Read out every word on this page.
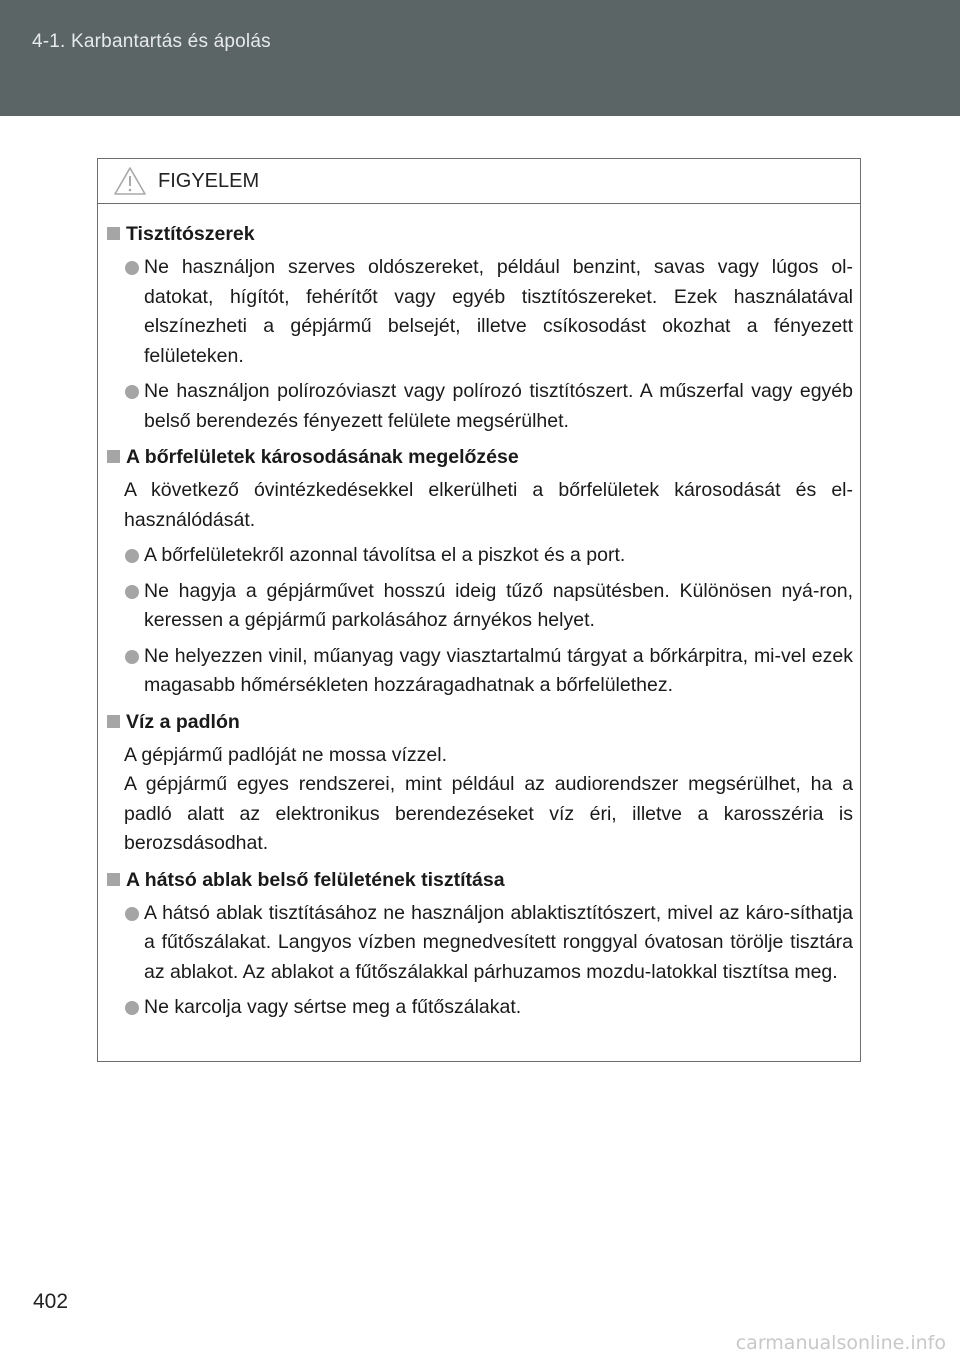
4-1. Karbantartás és ápolás
FIGYELEM
Tisztítószerek
Ne használjon szerves oldószereket, például benzint, savas vagy lúgos ol-datokat, hígítót, fehérítőt vagy egyéb tisztítószereket. Ezek használatával elszínezheti a gépjármű belsejét, illetve csíkosodást okozhat a fényezett felületeken.
Ne használjon polírozóviaszt vagy polírozó tisztítószert. A műszerfal vagy egyéb belső berendezés fényezett felülete megsérülhet.
A bőrfelületek károsodásának megelőzése
A következő óvintézkedésekkel elkerülheti a bőrfelületek károsodását és el-használódását.
A bőrfelületekről azonnal távolítsa el a piszkot és a port.
Ne hagyja a gépjárművet hosszú ideig tűző napsütésben. Különösen nyá-ron, keressen a gépjármű parkolásához árnyékos helyet.
Ne helyezzen vinil, műanyag vagy viasztartalmú tárgyat a bőrkárpitra, mi-vel ezek magasabb hőmérsékleten hozzáragadhatnak a bőrfelülethez.
Víz a padlón
A gépjármű padlóját ne mossa vízzel.
A gépjármű egyes rendszerei, mint például az audiorendszer megsérülhet, ha a padló alatt az elektronikus berendezéseket víz éri, illetve a karosszéria is berozsdásodhat.
A hátsó ablak belső felületének tisztítása
A hátsó ablak tisztításához ne használjon ablaktisztítószert, mivel az káro-síthatja a fűtőszálakat. Langyos vízben megnedvesített ronggyal óvatosan törölje tisztára az ablakot. Az ablakot a fűtőszálakkal párhuzamos mozdu-latokkal tisztítsa meg.
Ne karcolja vagy sértse meg a fűtőszálakat.
402
carmanualsonline.info
